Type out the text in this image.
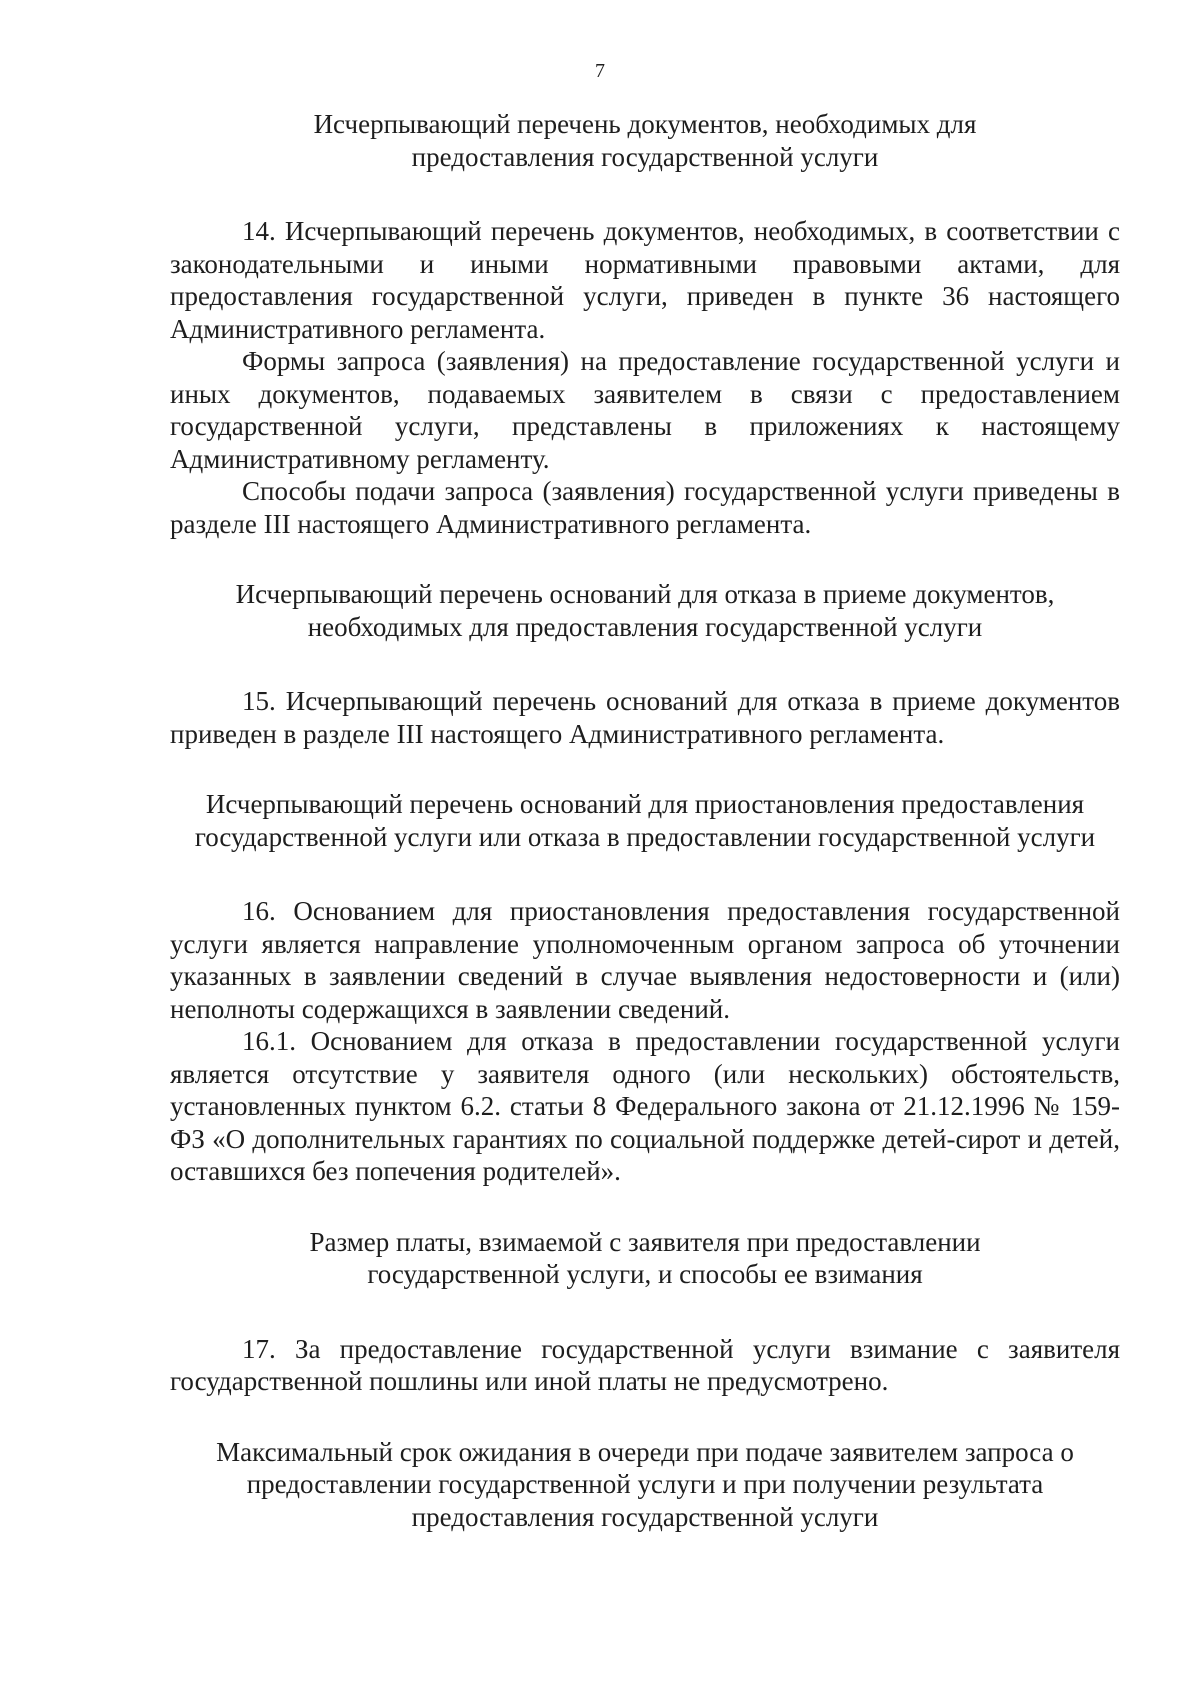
7

Исчерпывающий перечень документов, необходимых для предоставления государственной услуги

14. Исчерпывающий перечень документов, необходимых, в соответствии с законодательными и иными нормативными правовыми актами, для предоставления государственной услуги, приведен в пункте 36 настоящего Административного регламента.

Формы запроса (заявления) на предоставление государственной услуги и иных документов, подаваемых заявителем в связи с предоставлением государственной услуги, представлены в приложениях к настоящему Административному регламенту.

Способы подачи запроса (заявления) государственной услуги приведены в разделе III настоящего Административного регламента.

Исчерпывающий перечень оснований для отказа в приеме документов, необходимых для предоставления государственной услуги

15. Исчерпывающий перечень оснований для отказа в приеме документов приведен в разделе III настоящего Административного регламента.

Исчерпывающий перечень оснований для приостановления предоставления государственной услуги или отказа в предоставлении государственной услуги

16. Основанием для приостановления предоставления государственной услуги является направление уполномоченным органом запроса об уточнении указанных в заявлении сведений в случае выявления недостоверности и (или) неполноты содержащихся в заявлении сведений.

16.1. Основанием для отказа в предоставлении государственной услуги является отсутствие у заявителя одного (или нескольких) обстоятельств, установленных пунктом 6.2. статьи 8 Федерального закона от 21.12.1996 № 159-ФЗ «О дополнительных гарантиях по социальной поддержке детей-сирот и детей, оставшихся без попечения родителей».

Размер платы, взимаемой с заявителя при предоставлении государственной услуги, и способы ее взимания

17. За предоставление государственной услуги взимание с заявителя государственной пошлины или иной платы не предусмотрено.

Максимальный срок ожидания в очереди при подаче заявителем запроса о предоставлении государственной услуги и при получении результата предоставления государственной услуги
